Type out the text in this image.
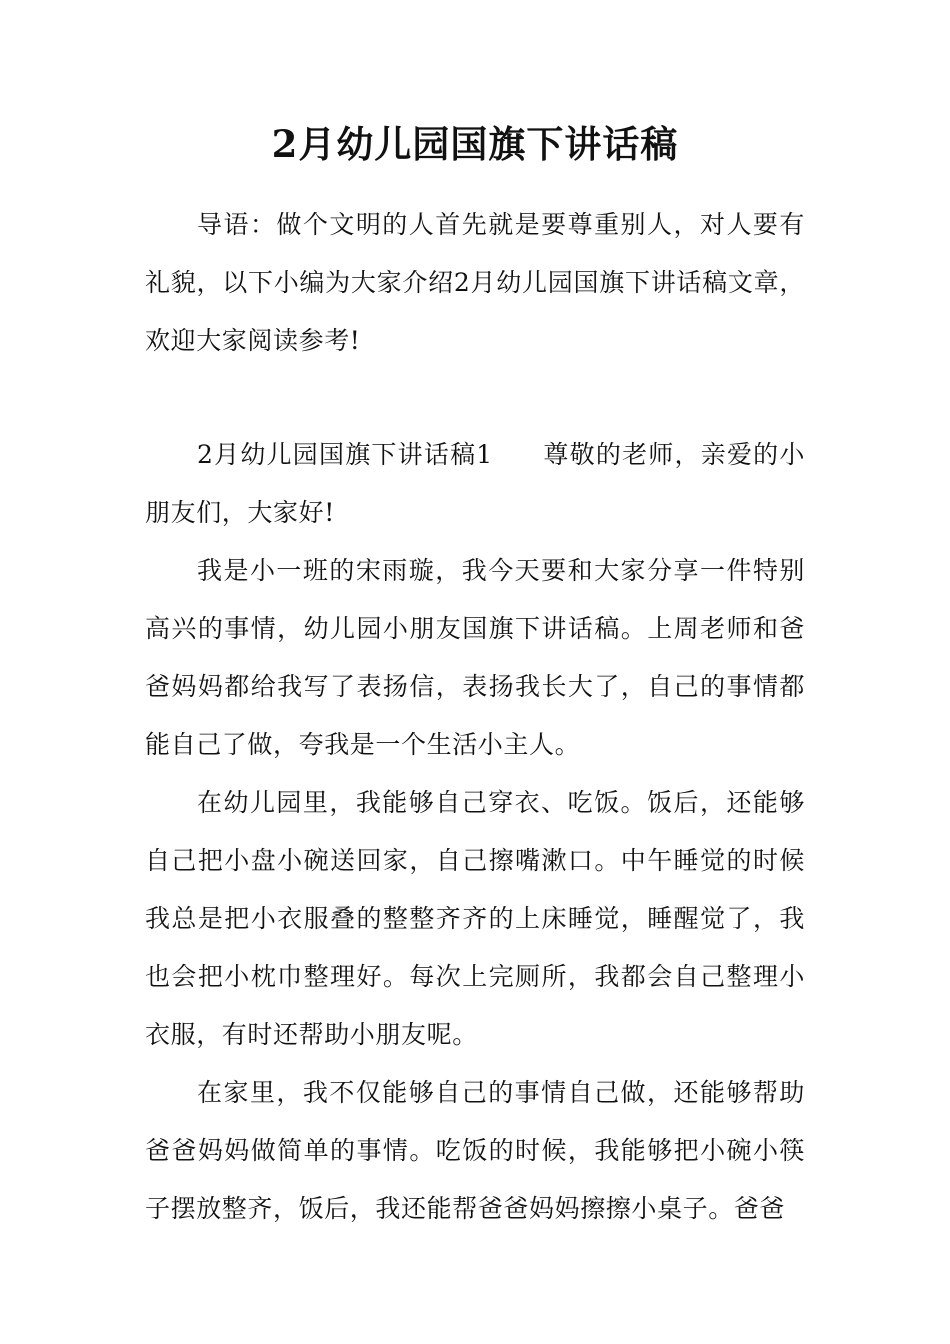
2月幼儿园国旗下讲话稿

导语：做个文明的人首先就是要尊重别人，对人要有礼貌，以下小编为大家介绍2月幼儿园国旗下讲话稿文章，欢迎大家阅读参考!

2月幼儿园国旗下讲话稿1 尊敬的老师，亲爱的小朋友们，大家好!

我是小一班的宋雨璇，我今天要和大家分享一件特别高兴的事情，幼儿园小朋友国旗下讲话稿。上周老师和爸爸妈妈都给我写了表扬信，表扬我长大了，自己的事情都能自己了做，夸我是一个生活小主人。

在幼儿园里，我能够自己穿衣、吃饭。饭后，还能够自己把小盘小碗送回家，自己擦嘴漱口。中午睡觉的时候我总是把小衣服叠的整整齐齐的上床睡觉，睡醒觉了，我也会把小枕巾整理好。每次上完厕所，我都会自己整理小衣服，有时还帮助小朋友呢。

在家里，我不仅能够自己的事情自己做，还能够帮助爸爸妈妈做简单的事情。吃饭的时候，我能够把小碗小筷子摆放整齐，饭后，我还能帮爸爸妈妈擦擦小桌子。爸爸
